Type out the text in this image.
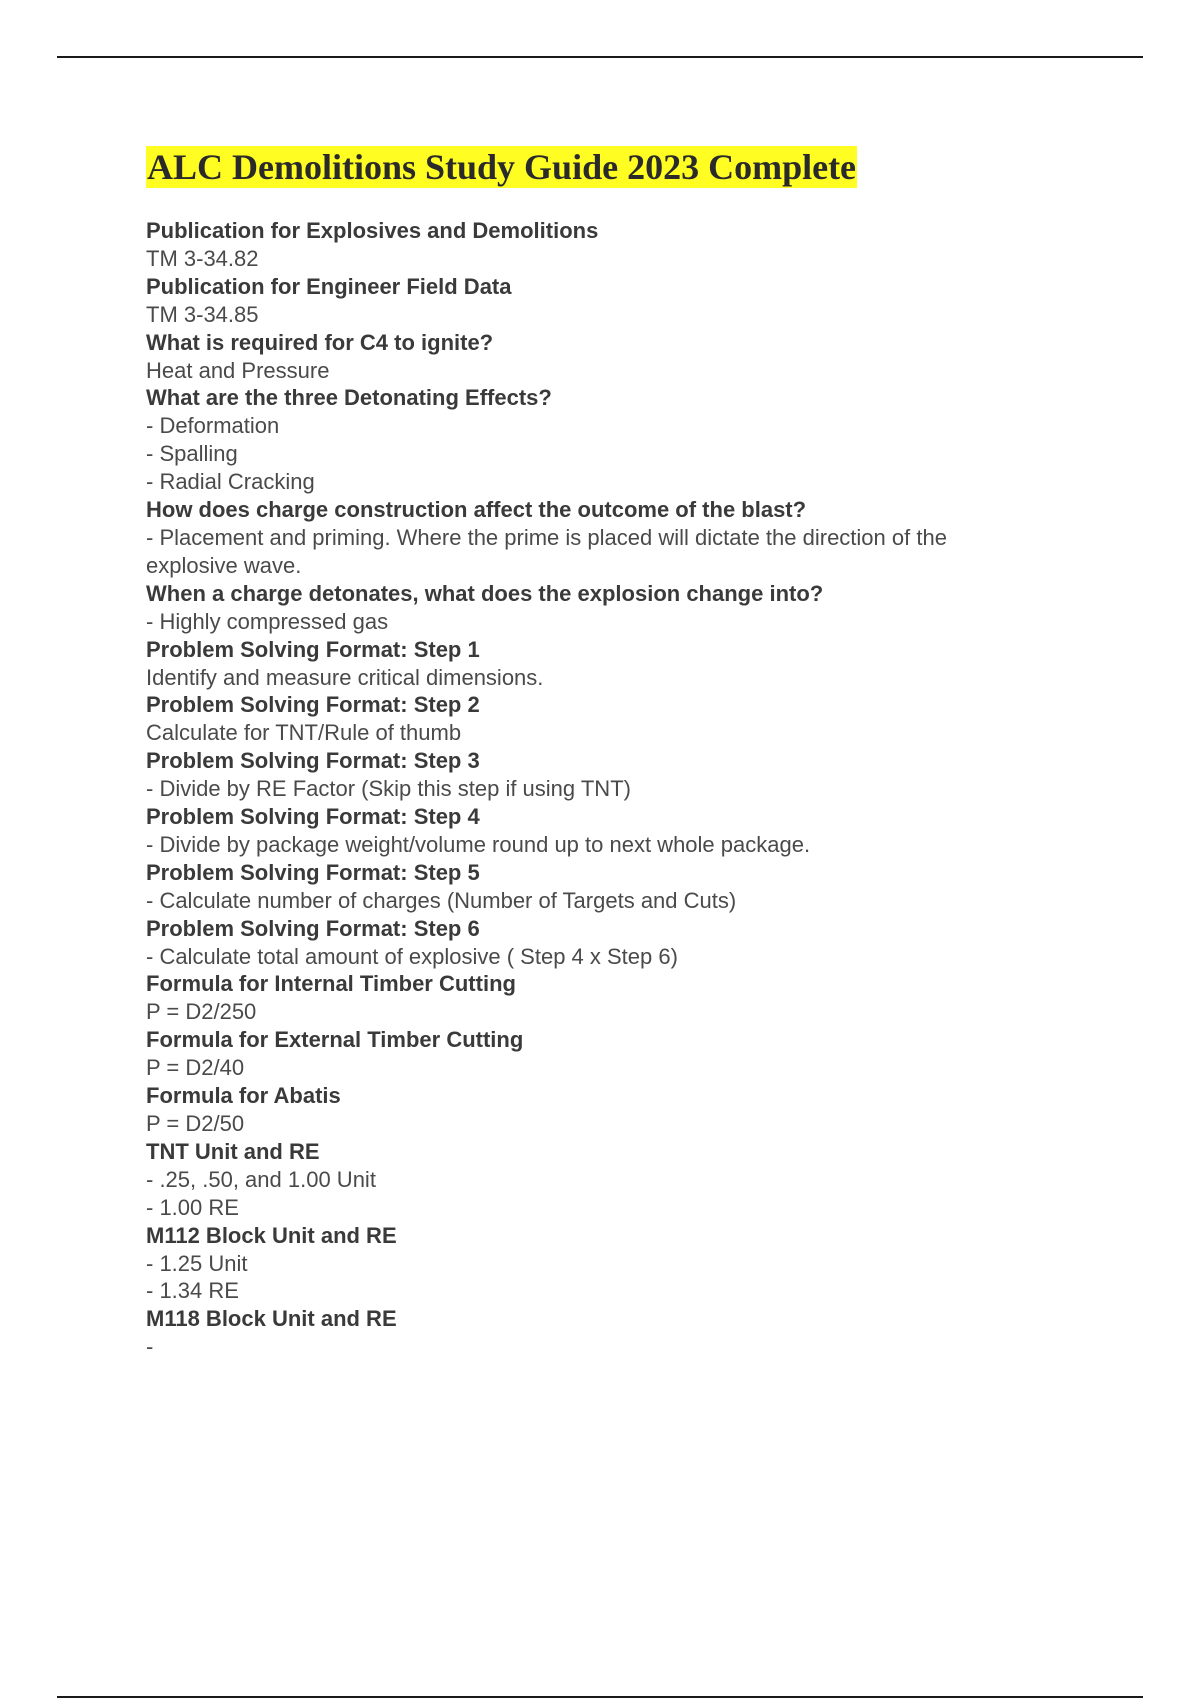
ALC Demolitions Study Guide 2023 Complete

Publication for Explosives and Demolitions

TM 3-34.82

Publication for Engineer Field Data

TM 3-34.85

What is required for C4 to ignite?

Heat and Pressure

What are the three Detonating Effects?

- Deformation

- Spalling

- Radial Cracking

How does charge construction affect the outcome of the blast?

- Placement and priming. Where the prime is placed will dictate the direction of the

explosive wave.

When a charge detonates, what does the explosion change into?

- Highly compressed gas

Problem Solving Format: Step 1

Identify and measure critical dimensions.

Problem Solving Format: Step 2

Calculate for TNT/Rule of thumb

Problem Solving Format: Step 3

- Divide by RE Factor (Skip this step if using TNT)

Problem Solving Format: Step 4

- Divide by package weight/volume round up to next whole package.

Problem Solving Format: Step 5

- Calculate number of charges (Number of Targets and Cuts)

Problem Solving Format: Step 6

- Calculate total amount of explosive ( Step 4 x Step 6)

Formula for Internal Timber Cutting

P = D2/250

Formula for External Timber Cutting

P = D2/40

Formula for Abatis

P = D2/50

TNT Unit and RE

- .25, .50, and 1.00 Unit

- 1.00 RE

M112 Block Unit and RE

- 1.25 Unit

- 1.34 RE

M118 Block Unit and RE

-
